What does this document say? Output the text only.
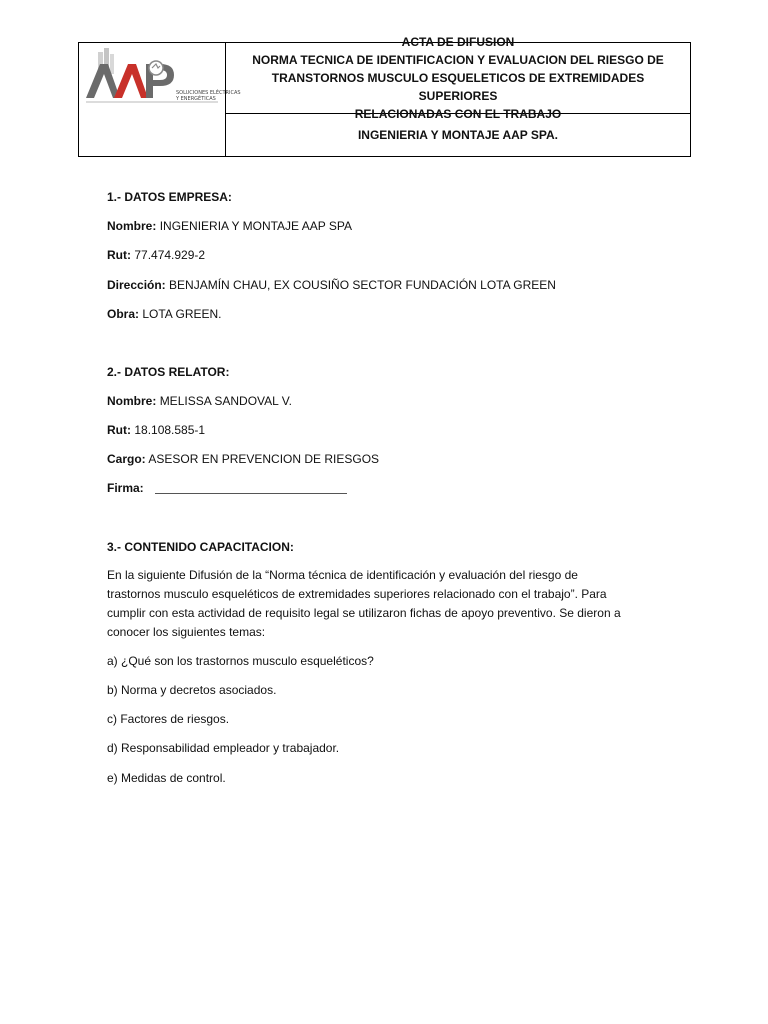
SOLUCIONES ELÉCTRICAS
Y ENERGÉTICAS
ACTA DE DIFUSION
NORMA TECNICA DE IDENTIFICACION Y EVALUACION DEL RIESGO DE
TRANSTORNOS MUSCULO ESQUELETICOS DE EXTREMIDADES SUPERIORES
RELACIONADAS CON EL TRABAJO
INGENIERIA Y MONTAJE AAP SPA.
1.- DATOS EMPRESA:
Nombre: INGENIERIA Y MONTAJE AAP SPA
Rut: 77.474.929-2
Dirección: BENJAMÍN CHAU, EX COUSIÑO SECTOR FUNDACIÓN LOTA GREEN
Obra: LOTA GREEN.
2.- DATOS RELATOR:
Nombre: MELISSA SANDOVAL V.
Rut: 18.108.585-1
Cargo: ASESOR EN PREVENCION DE RIESGOS
Firma:
3.- CONTENIDO CAPACITACION:
En la siguiente Difusión de la “Norma técnica de identificación y evaluación del riesgo de
trastornos musculo esqueléticos de extremidades superiores relacionado con el trabajo”. Para
cumplir con esta actividad de requisito legal se utilizaron fichas de apoyo preventivo. Se dieron a
conocer los siguientes temas:
a) ¿Qué son los trastornos musculo esqueléticos?
b) Norma y decretos asociados.
c) Factores de riesgos.
d) Responsabilidad empleador y trabajador.
e) Medidas de control.
